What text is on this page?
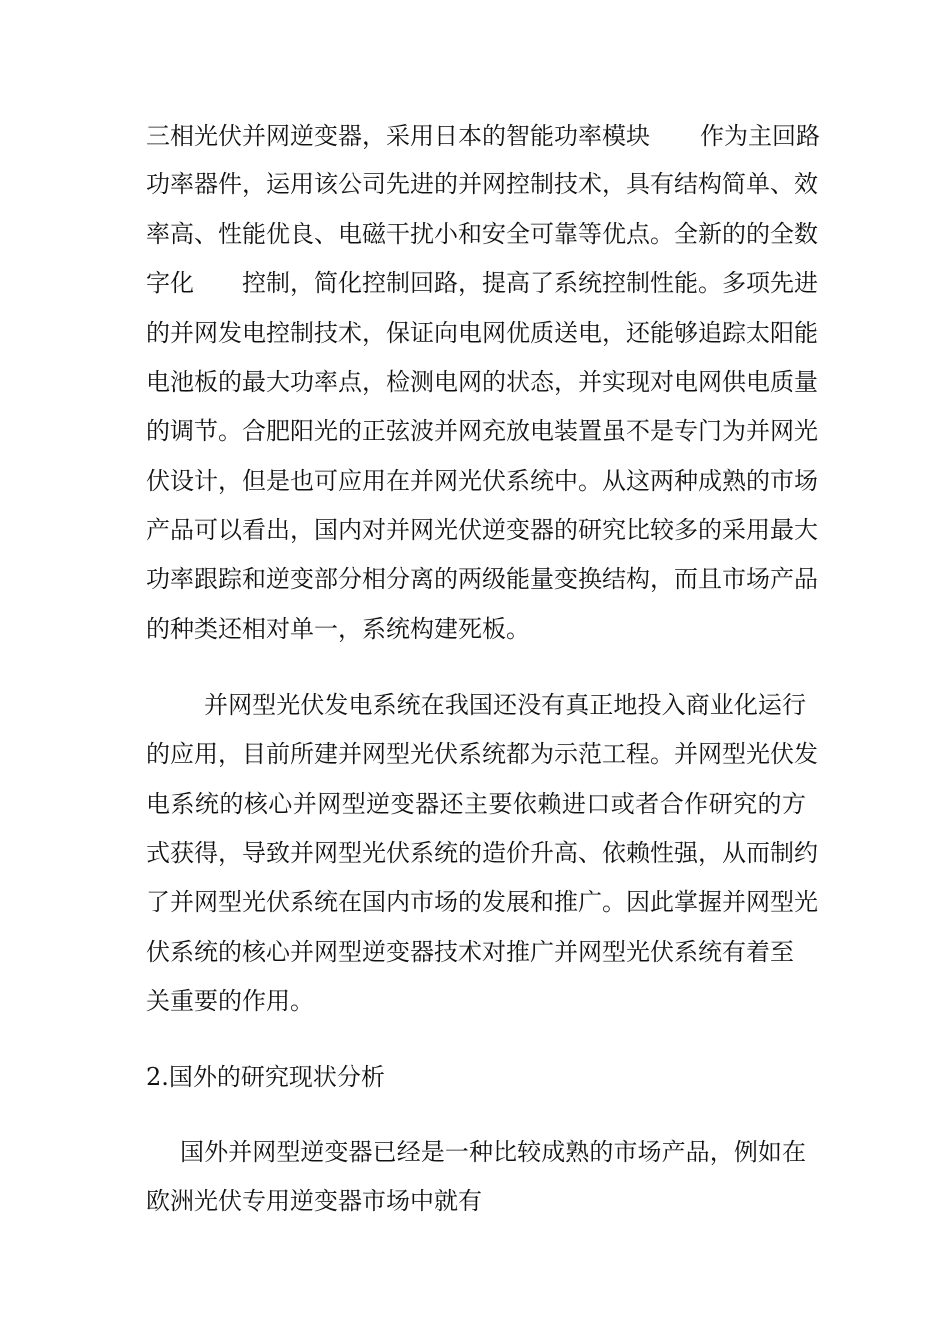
三相光伏并网逆变器，采用日本的智能功率模块 作为主回路
功率器件，运用该公司先进的并网控制技术，具有结构简单、效
率高、性能优良、电磁干扰小和安全可靠等优点。全新的的全数
字化 控制，简化控制回路，提高了系统控制性能。多项先进
的并网发电控制技术，保证向电网优质送电，还能够追踪太阳能
电池板的最大功率点，检测电网的状态，并实现对电网供电质量
的调节。合肥阳光的正弦波并网充放电装置虽不是专门为并网光
伏设计，但是也可应用在并网光伏系统中。从这两种成熟的市场
产品可以看出，国内对并网光伏逆变器的研究比较多的采用最大
功率跟踪和逆变部分相分离的两级能量变换结构，而且市场产品
的种类还相对单一，系统构建死板。
并网型光伏发电系统在我国还没有真正地投入商业化运行
的应用，目前所建并网型光伏系统都为示范工程。并网型光伏发
电系统的核心并网型逆变器还主要依赖进口或者合作研究的方
式获得，导致并网型光伏系统的造价升高、依赖性强，从而制约
了并网型光伏系统在国内市场的发展和推广。因此掌握并网型光
伏系统的核心并网型逆变器技术对推广并网型光伏系统有着至
关重要的作用。
2.国外的研究现状分析
国外并网型逆变器已经是一种比较成熟的市场产品，例如在
欧洲光伏专用逆变器市场中就有
